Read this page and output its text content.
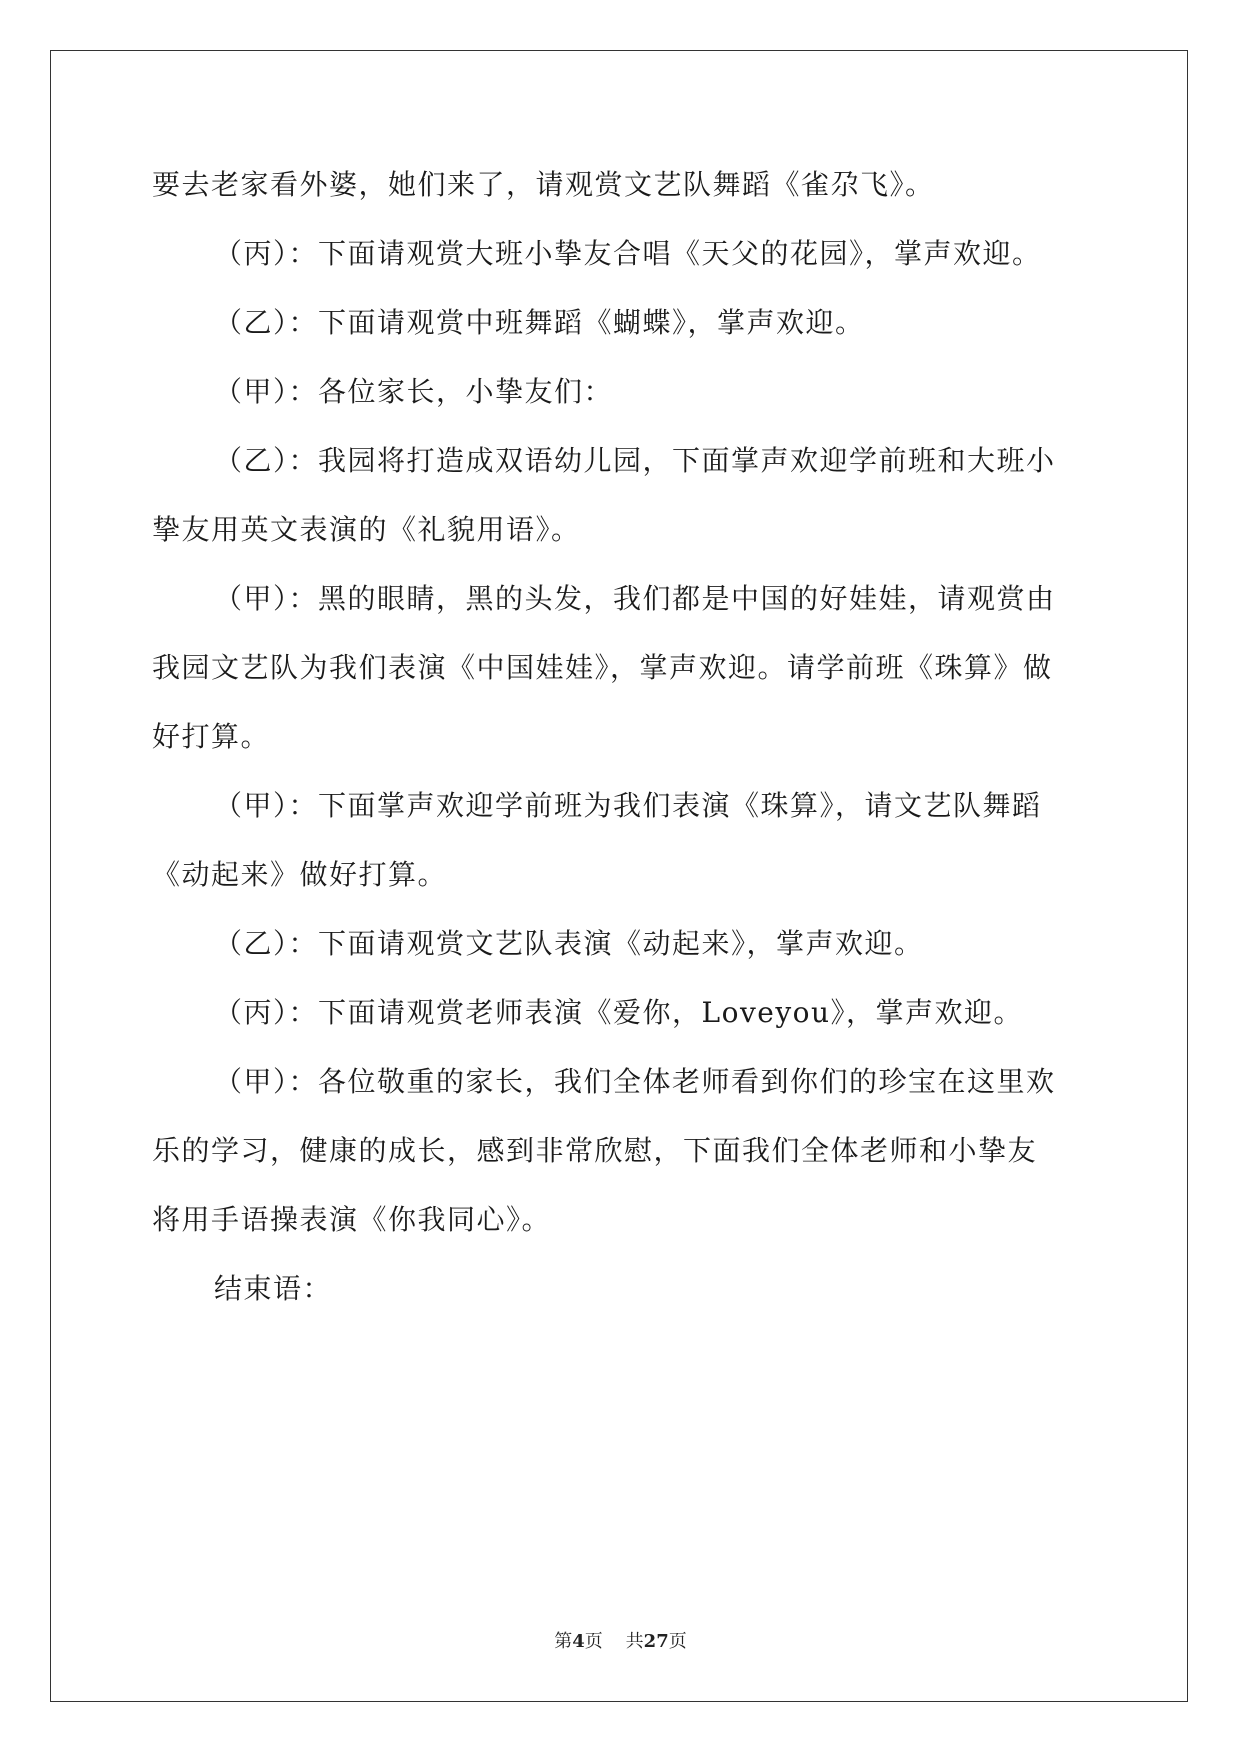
要去老家看外婆，她们来了，请观赏文艺队舞蹈《雀尕飞》。
（丙）：下面请观赏大班小挚友合唱《天父的花园》，掌声欢迎。
（乙）：下面请观赏中班舞蹈《蝴蝶》，掌声欢迎。
（甲）：各位家长，小挚友们：
（乙）：我园将打造成双语幼儿园，下面掌声欢迎学前班和大班小
挚友用英文表演的《礼貌用语》。
（甲）：黑的眼睛，黑的头发，我们都是中国的好娃娃，请观赏由
我园文艺队为我们表演《中国娃娃》，掌声欢迎。请学前班《珠算》做
好打算。
（甲）：下面掌声欢迎学前班为我们表演《珠算》，请文艺队舞蹈
《动起来》做好打算。
（乙）：下面请观赏文艺队表演《动起来》，掌声欢迎。
（丙）：下面请观赏老师表演《爱你，Loveyou》，掌声欢迎。
（甲）：各位敬重的家长，我们全体老师看到你们的珍宝在这里欢
乐的学习，健康的成长，感到非常欣慰，下面我们全体老师和小挚友
将用手语操表演《你我同心》。
结束语：
第4页 共27页
